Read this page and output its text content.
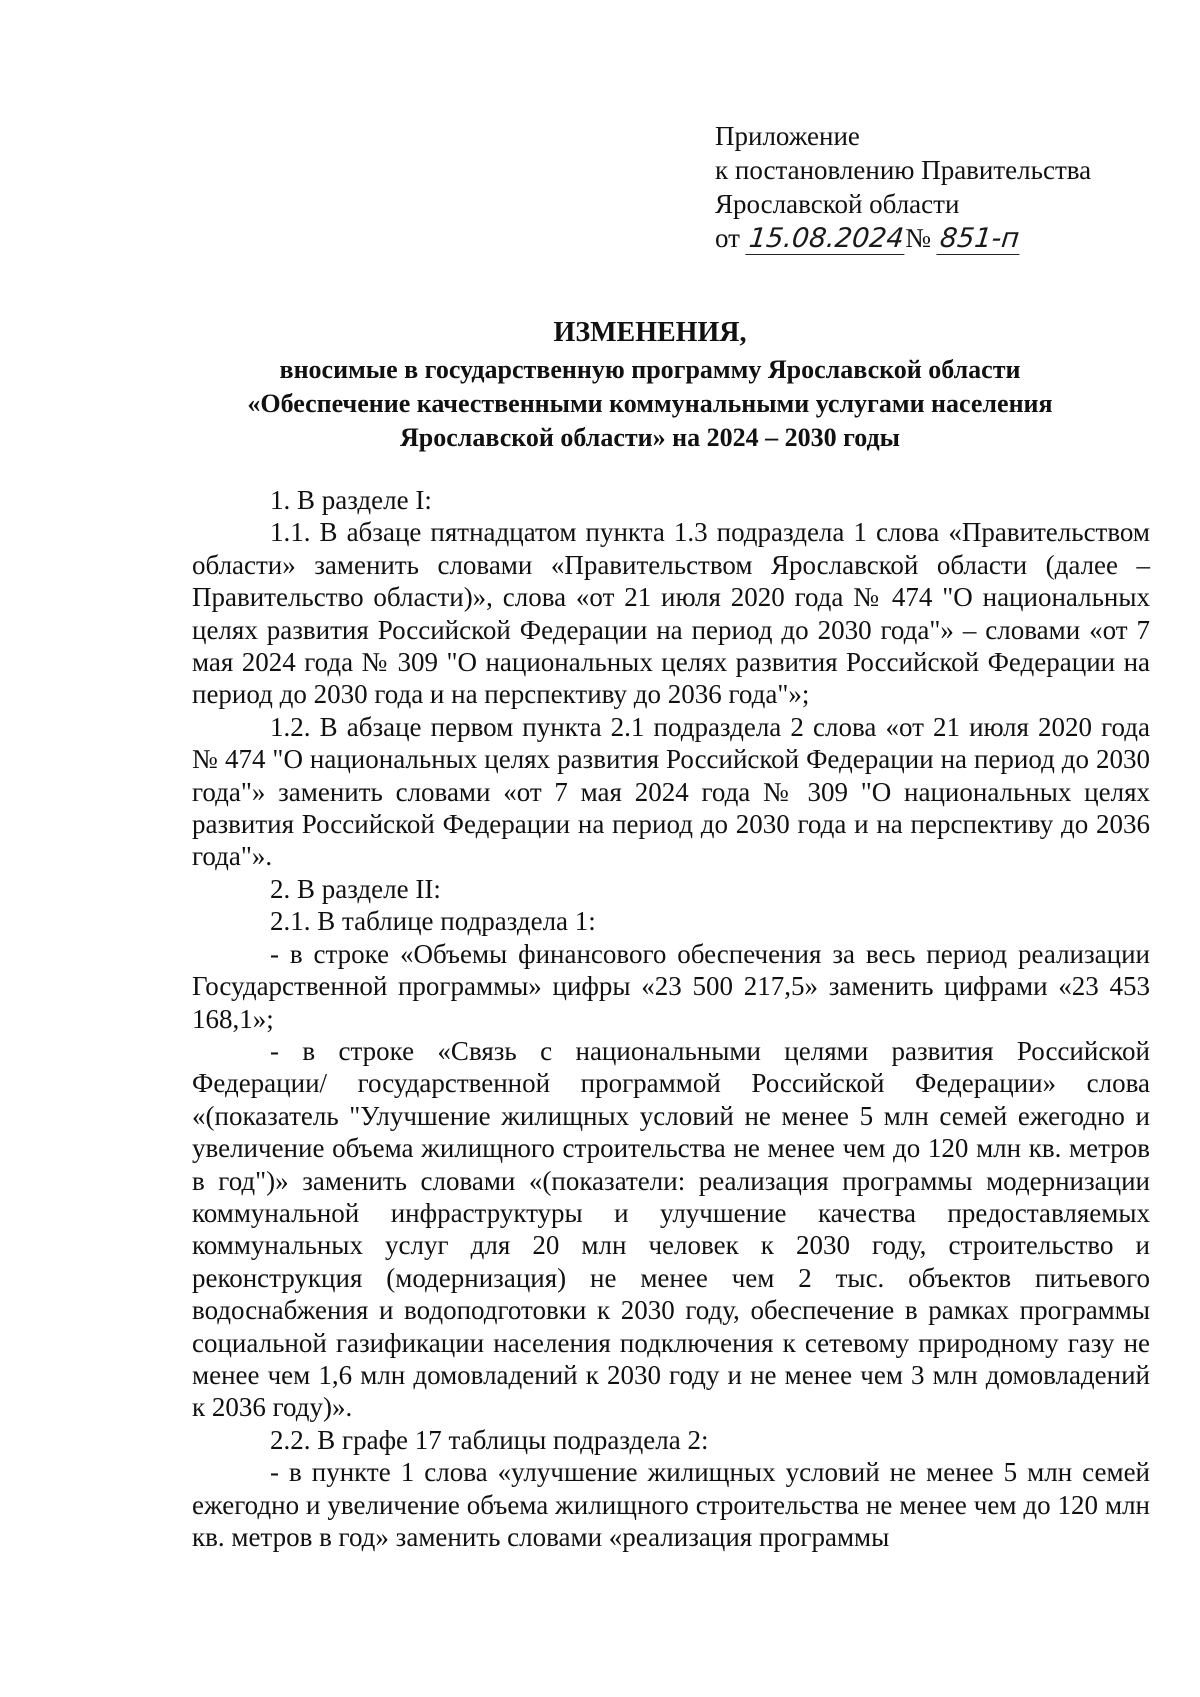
Приложение
к постановлению Правительства
Ярославской области
от 15.08.2024№ 851-п
ИЗМЕНЕНИЯ,
вносимые в государственную программу Ярославской области
«Обеспечение качественными коммунальными услугами населения
Ярославской области» на 2024 – 2030 годы

1. В разделе I:

1.1. В абзаце пятнадцатом пункта 1.3 подраздела 1 слова «Правительством области» заменить словами «Правительством Ярославской области (далее – Правительство области)», слова «от 21 июля 2020 года № 474 "О национальных целях развития Российской Федерации на период до 2030 года"» – словами «от 7 мая 2024 года № 309 "О национальных целях развития Российской Федерации на период до 2030 года и на перспективу до 2036 года"»;

1.2. В абзаце первом пункта 2.1 подраздела 2 слова «от 21 июля 2020 года № 474 "О национальных целях развития Российской Федерации на период до 2030 года"» заменить словами «от 7 мая 2024 года № 309 "О национальных целях развития Российской Федерации на период до 2030 года и на перспективу до 2036 года"».

2. В разделе II:

2.1. В таблице подраздела 1:

- в строке «Объемы финансового обеспечения за весь период реализации Государственной программы» цифры «23 500 217,5» заменить цифрами «23 453 168,1»;

- в строке «Связь с национальными целями развития Российской Федерации/ государственной программой Российской Федерации» слова «(показатель "Улучшение жилищных условий не менее 5 млн семей ежегодно и увеличение объема жилищного строительства не менее чем до 120 млн кв. метров в год")» заменить словами «(показатели: реализация программы модернизации коммунальной инфраструктуры и улучшение качества предоставляемых коммунальных услуг для 20 млн человек к 2030 году, строительство и реконструкция (модернизация) не менее чем 2 тыс. объектов питьевого водоснабжения и водоподготовки к 2030 году, обеспечение в рамках программы социальной газификации населения подключения к сетевому природному газу не менее чем 1,6 млн домовладений к 2030 году и не менее чем 3 млн домовладений к 2036 году)».

2.2. В графе 17 таблицы подраздела 2:

- в пункте 1 слова «улучшение жилищных условий не менее 5 млн семей ежегодно и увеличение объема жилищного строительства не менее чем до 120 млн кв. метров в год» заменить словами «реализация программы
